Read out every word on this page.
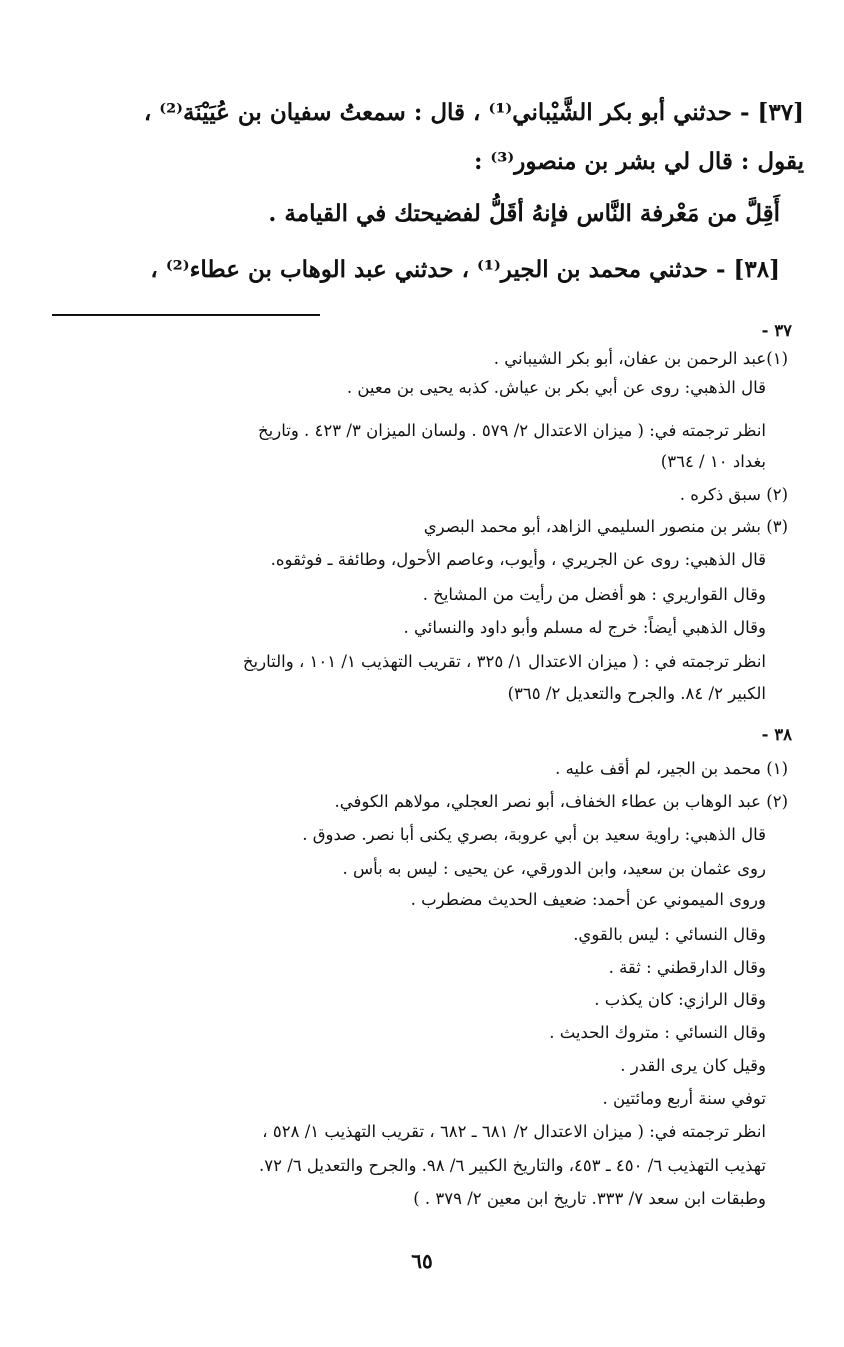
[٣٧] - حدثني أبو بكر الشَّيْباني⁽¹⁾ ، قال : سمعتُ سفيان بن عُيَيْنَة⁽²⁾ ،
يقول : قال لي بشر بن منصور⁽³⁾ :
أَقِلَّ من مَعْرفة النَّاس فإنهُ أقَلُّ لفضيحتك في القيامة .
[٣٨] - حدثني محمد بن الجير⁽¹⁾ ، حدثني عبد الوهاب بن عطاء⁽²⁾ ،
٣٧ -
(١)عبد الرحمن بن عفان، أبو بكر الشيباني .
قال الذهبي: روى عن أبي بكر بن عياش. كذبه يحيى بن معين .
انظر ترجمته في: ( ميزان الاعتدال ٢/ ٥٧٩ . ولسان الميزان ٣/ ٤٢٣ . وتاريخ
بغداد ١٠ / ٣٦٤)
(٢) سبق ذكره .
(٣) بشر بن منصور السليمي الزاهد، أبو محمد البصري
قال الذهبي: روى عن الجريري ، وأيوب، وعاصم الأحول، وطائفة ـ فوثقوه.
وقال القواريري : هو أفضل من رأيت من المشايخ .
وقال الذهبي أيضاً: خرج له مسلم وأبو داود والنسائي .
انظر ترجمته في : ( ميزان الاعتدال ١/ ٣٢٥ ، تقريب التهذيب ١/ ١٠١ ، والتاريخ
الكبير ٢/ ٨٤. والجرح والتعديل ٢/ ٣٦٥)
٣٨ -
(١) محمد بن الجير، لم أقف عليه .
(٢) عبد الوهاب بن عطاء الخفاف، أبو نصر العجلي، مولاهم الكوفي.
قال الذهبي: راوية سعيد بن أبي عروبة، بصري يكنى أبا نصر. صدوق .
روى عثمان بن سعيد، وابن الدورقي، عن يحيى : ليس به بأس .
وروى الميموني عن أحمد: ضعيف الحديث مضطرب .
وقال النسائي : ليس بالقوي.
وقال الدارقطني : ثقة .
وقال الرازي: كان يكذب .
وقال النسائي : متروك الحديث .
وقيل كان يرى القدر .
توفي سنة أربع ومائتين .
انظر ترجمته في: ( ميزان الاعتدال ٢/ ٦٨١ ـ ٦٨٢ ، تقريب التهذيب ١/ ٥٢٨ ،
تهذيب التهذيب ٦/ ٤٥٠ ـ ٤٥٣، والتاريخ الكبير ٦/ ٩٨. والجرح والتعديل ٦/ ٧٢.
وطبقات ابن سعد ٧/ ٣٣٣. تاريخ ابن معين ٢/ ٣٧٩ . )
٦٥
